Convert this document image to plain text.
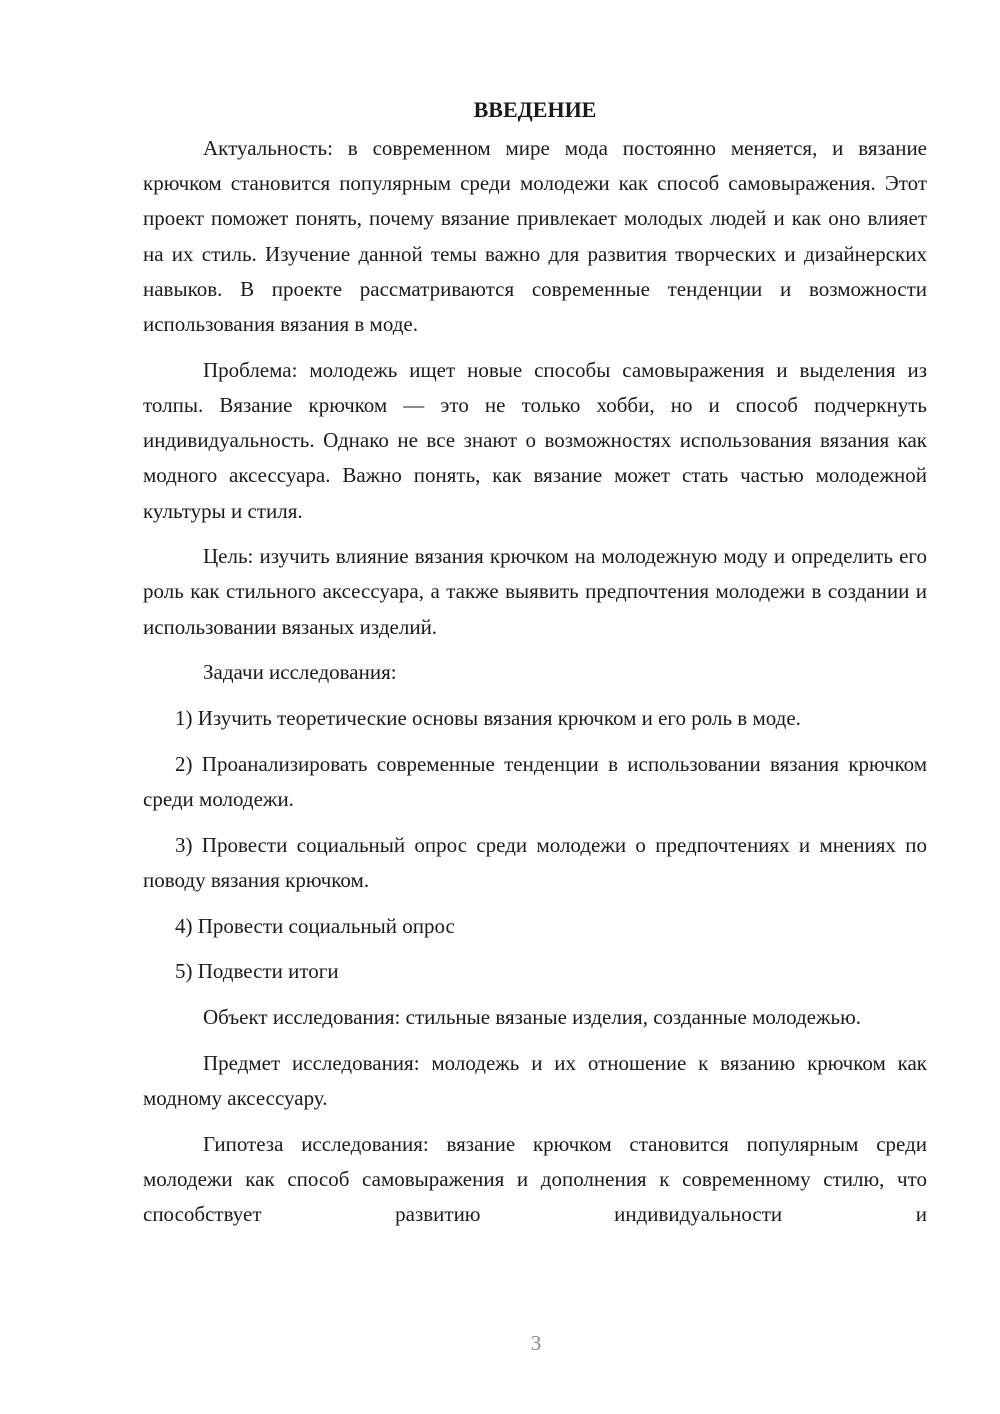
ВВЕДЕНИЕ

Актуальность: в современном мире мода постоянно меняется, и вязание крючком становится популярным среди молодежи как способ самовыражения. Этот проект поможет понять, почему вязание привлекает молодых людей и как оно влияет на их стиль. Изучение данной темы важно для развития творческих и дизайнерских навыков. В проекте рассматриваются современные тенденции и возможности использования вязания в моде.

Проблема: молодежь ищет новые способы самовыражения и выделения из толпы. Вязание крючком — это не только хобби, но и способ подчеркнуть индивидуальность. Однако не все знают о возможностях использования вязания как модного аксессуара. Важно понять, как вязание может стать частью молодежной культуры и стиля.

Цель: изучить влияние вязания крючком на молодежную моду и определить его роль как стильного аксессуара, а также выявить предпочтения молодежи в создании и использовании вязаных изделий.

Задачи исследования:

1) Изучить теоретические основы вязания крючком и его роль в моде.

2) Проанализировать современные тенденции в использовании вязания крючком среди молодежи.

3) Провести социальный опрос среди молодежи о предпочтениях и мнениях по поводу вязания крючком.

4) Провести социальный опрос

5) Подвести итоги

Объект исследования: стильные вязаные изделия, созданные молодежью.

Предмет исследования: молодежь и их отношение к вязанию крючком как модному аксессуару.

Гипотеза исследования: вязание крючком становится популярным среди молодежи как способ самовыражения и дополнения к современному стилю, что способствует развитию индивидуальности и

3
